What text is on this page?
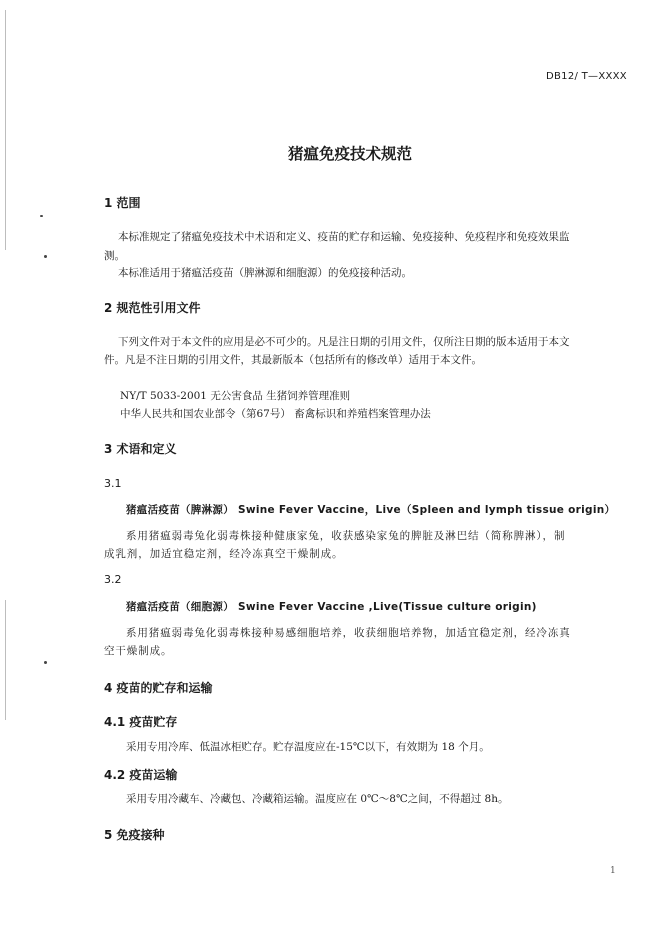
DB12/ T—XXXX
猪瘟免疫技术规范
1 范围
本标准规定了猪瘟免疫技术中术语和定义、疫苗的贮存和运输、免疫接种、免疫程序和免疫效果监
测。
本标准适用于猪瘟活疫苗（脾淋源和细胞源）的免疫接种活动。
2 规范性引用文件
下列文件对于本文件的应用是必不可少的。凡是注日期的引用文件，仅所注日期的版本适用于本文
件。凡是不注日期的引用文件，其最新版本（包括所有的修改单）适用于本文件。
NY/T 5033-2001 无公害食品 生猪饲养管理准则
中华人民共和国农业部令（第67号） 畜禽标识和养殖档案管理办法
3 术语和定义
3.1
猪瘟活疫苗（脾淋源） Swine Fever Vaccine，Live（Spleen and lymph tissue origin）
系用猪瘟弱毒兔化弱毒株接种健康家兔，收获感染家兔的脾脏及淋巴结（简称脾淋），制
成乳剂，加适宜稳定剂，经冷冻真空干燥制成。
3.2
猪瘟活疫苗（细胞源） Swine Fever Vaccine ,Live(Tissue culture origin)
系用猪瘟弱毒兔化弱毒株接种易感细胞培养，收获细胞培养物，加适宜稳定剂，经冷冻真
空干燥制成。
4 疫苗的贮存和运输
4.1 疫苗贮存
采用专用冷库、低温冰柜贮存。贮存温度应在-15℃以下，有效期为 18 个月。
4.2 疫苗运输
采用专用冷藏车、冷藏包、冷藏箱运输。温度应在 0℃～8℃之间，不得超过 8h。
5 免疫接种
1
